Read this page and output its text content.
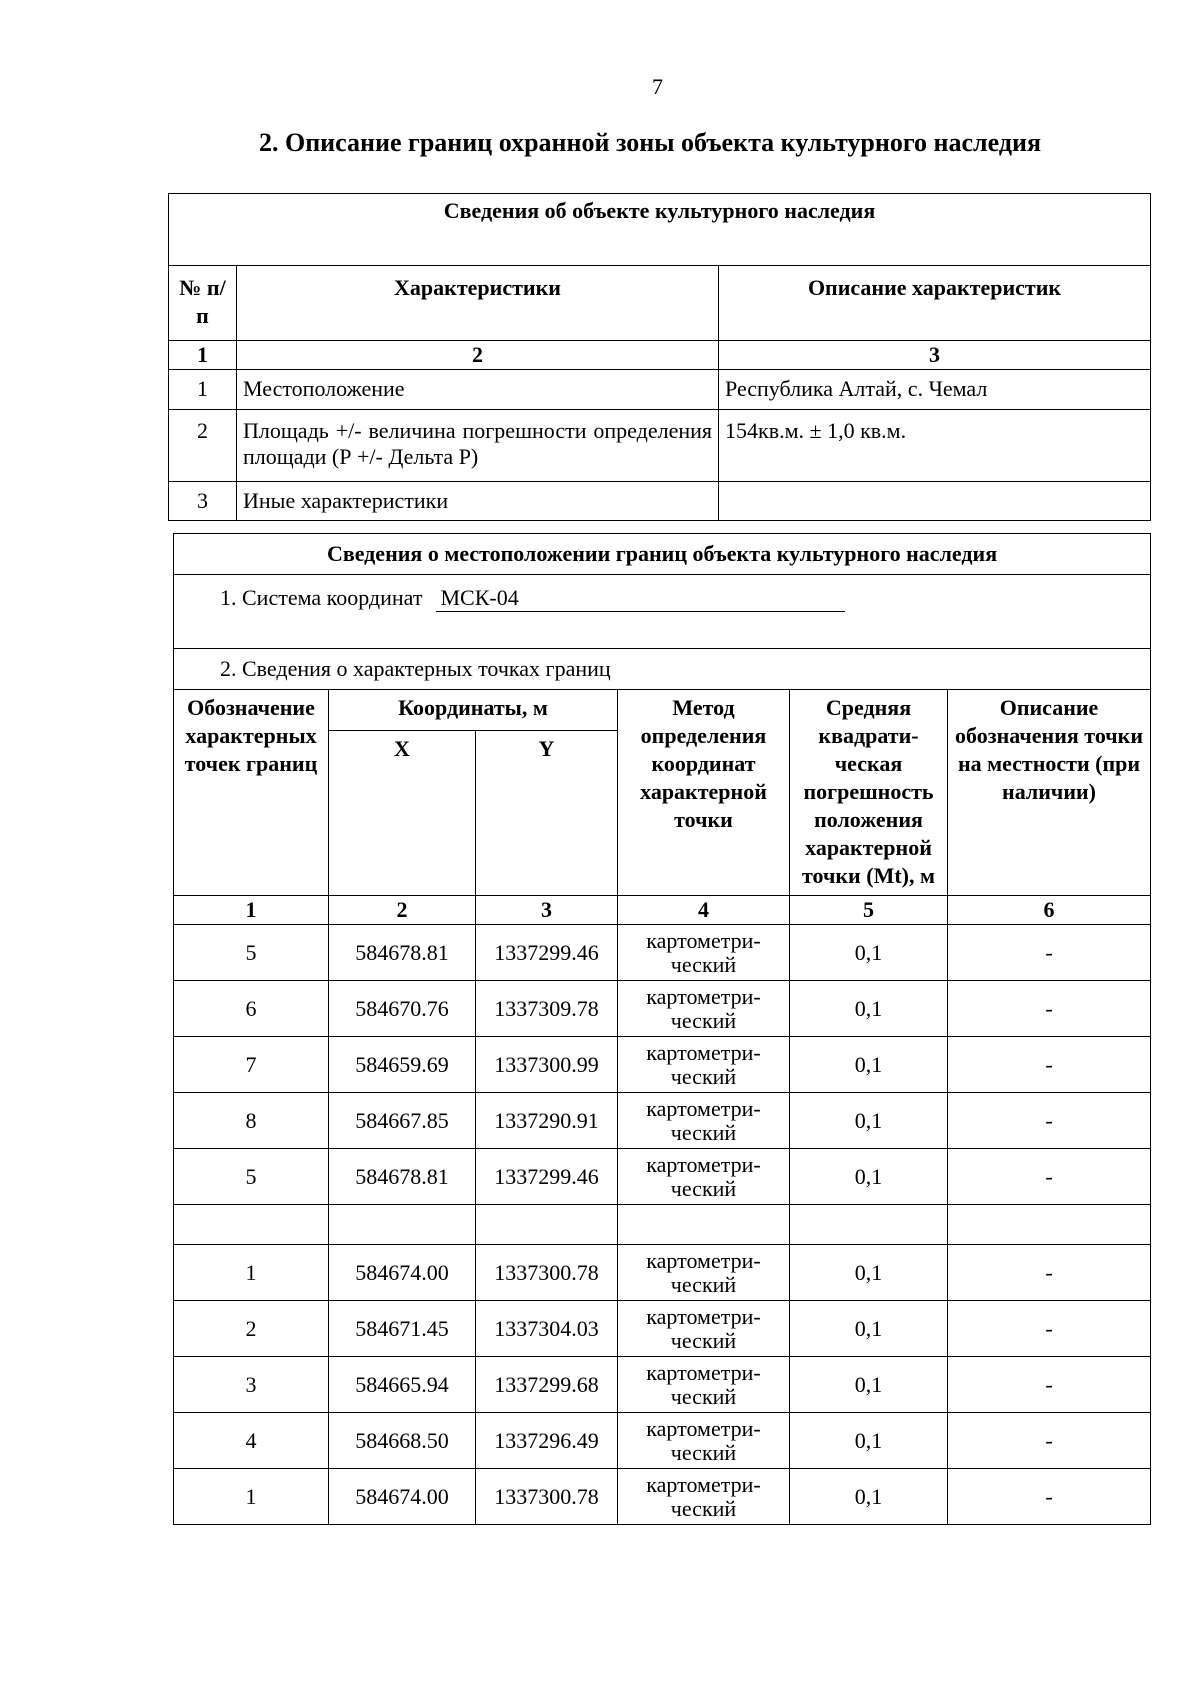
7
2. Описание границ охранной зоны объекта культурного наследия
Сведения об объекте культурного наследия		
№ п/п	Характеристики	Описание характеристик
1	2	3
1	Местоположение	Республика Алтай, с. Чемал
2	Площадь +/- величина погрешности определения площади (Р +/- Дельта Р)	154кв.м. ± 1,0 кв.м.
3	Иные характеристики	
Сведения о местоположении границ объекта культурного наследия					
1. Система координат МСК-04					
2. Сведения о характерных точках границ					
Обозначение характерных точек границ	Координаты, м		Метод определения координат характерной точки	Средняя квадрати-ческая погрешность положения характерной точки (Mt), м	Описание обозначения точки на местности (при наличии)
	X	Y			
1	2	3	4	5	6
5	584678.81	1337299.46	картометри-ческий	0,1	-
6	584670.76	1337309.78	картометри-ческий	0,1	-
7	584659.69	1337300.99	картометри-ческий	0,1	-
8	584667.85	1337290.91	картометри-ческий	0,1	-
5	584678.81	1337299.46	картометри-ческий	0,1	-

1	584674.00	1337300.78	картометри-ческий	0,1	-
2	584671.45	1337304.03	картометри-ческий	0,1	-
3	584665.94	1337299.68	картометри-ческий	0,1	-
4	584668.50	1337296.49	картометри-ческий	0,1	-
1	584674.00	1337300.78	картометри-ческий	0,1	-
